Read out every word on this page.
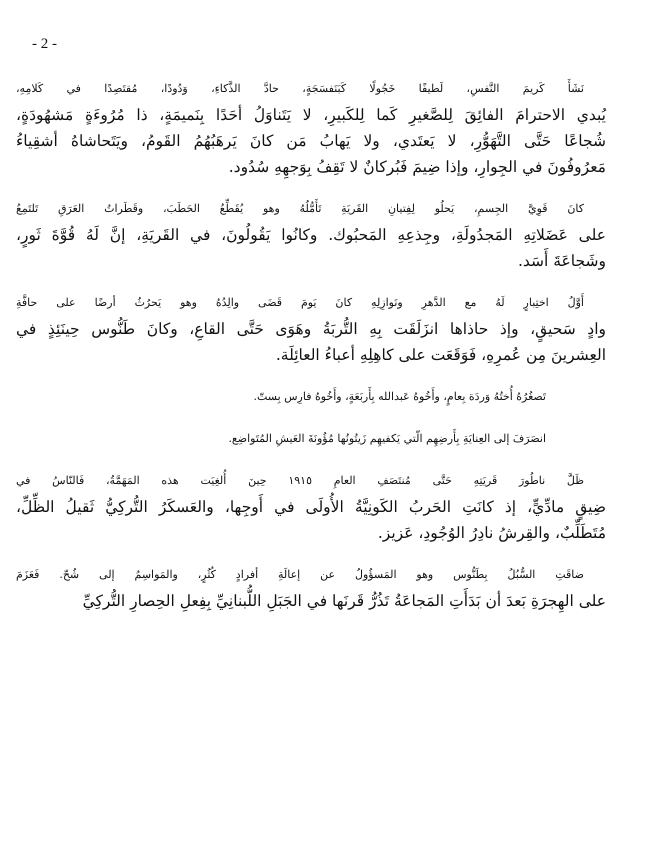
- 2 -

نَشَأَ كَريمَ النَّفسِ، لَطيفًا خَجُولًا كَبَنَفسَجَةٍ، حادَّ الذَّكاءِ، وَدُودًا، مُقتَصِدًا في كَلامِهِ،
يُبدي الاحترامَ الفائِقَ لِلصَّغيرِ كَما لِلكَبيرِ، لا يَتَناوَلُ أحَدًا بِنَميمَةٍ، ذا مُرُوءَةٍ مَشهُودَةٍ،
شُجاعًا حَتَّى التَّهَوُّرِ، لا يَعتَدي، ولا يَهابُ مَن كانَ يَرهَبُهُمُ القَومُ، ويَتَحاشاهُ أشقِياءُ
مَعرُوفُونَ في الجِوارِ، وإذا ضِيمَ فَبُركانٌ لا تَقِفُ بِوَجهِهِ سُدُود.

كانَ قَوِيَّ الجِسمِ، يَحلُو لِفِتيانِ القَريَةِ تَأَمُّلُهُ وهو يُقَطِّعُ الحَطَبَ، وقَطَراتُ العَرَقِ تَلتَمِعُ
على عَضَلاتِهِ المَجدُولَةِ، وجِذعِهِ المَحبُوك. وكانُوا يَقُولُونَ، في القَريَةِ، إنَّ لَهُ قُوَّةَ ثَورٍ،
وشَجاعَةَ أَسَد.

أَوَّلُ اختِبارٍ لَهُ مع الدَّهرِ ونَوازِلِهِ كانَ يَومَ قَضَى والِدُهُ وهو يَحرُثُ أرضًا على حافَّةِ
وادٍ سَحيقٍ، وإذ حاذاها انزَلَقَت بِهِ التُّربَةُ وهَوَى حَتَّى القاعِ، وكانَ طَنُّوس حِينَئِذٍ في
العِشرينَ مِن عُمرِهِ، فَوَقَعَت على كاهِلِهِ أعباءُ العائِلَة.

تَصغُرُهُ أُختُهُ وَردَة بِعامٍ، وأَخُوهُ عَبدالله بِأَربَعَةٍ، وأَخُوهُ فارِس بِستّ.

انصَرَفَ إلى العِنايَةِ بِأَرضِهِم الّتي يَكفيهِم زَيتُونُها مُؤُونَةَ العَيشِ المُتَواضِع.

ظَلَّ ناطُورَ قَريَتِهِ حَتَّى مُنتَصَفِ العامِ ١٩١٥ حِينَ أُلغِيَت هذه المَهَمَّةُ، فَالنّاسُ في
ضِيقٍ مادِّيٍّ، إذ كانَتِ الحَربُ الكَونِيَّةُ الأُولَى في أَوجِها، والعَسكَرُ التُّركِيُّ ثَقيلُ الظِّلِّ،
مُتَطَلِّبٌ، والقِرشُ نادِرُ الوُجُودِ، عَزيز.

ضاقَتِ السُّبُلُ بِطَنُّوس وهو المَسؤُولُ عن إعالَةِ أفرادٍ كُثُرٍ، والمَواسِمُ إلى شُحّ. فَعَزَمَ
على الهِجرَةِ بَعدَ أن بَدَأَتِ المَجاعَةُ تَذُرُّ قَرنَها في الجَبَلِ اللُّبنانِيِّ بِفِعلِ الحِصارِ التُّركِيِّ
